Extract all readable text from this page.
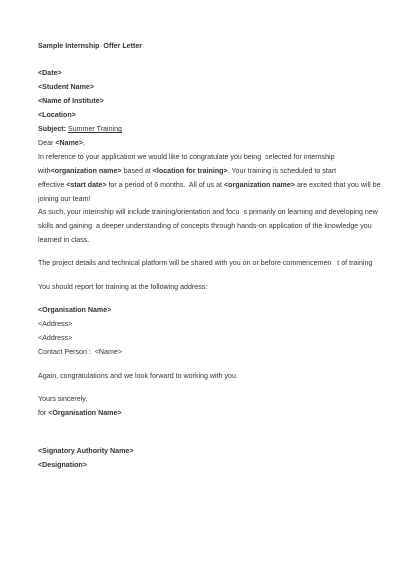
Sample Internship  Offer Letter
<Date>
<Student Name>
<Name of Institute>
<Location>
Subject: Summer Training
Dear <Name>,
In reference to your application we would like to congratulate you being  selected for internship
with<organization name> based at <location for training>. Your training is scheduled to start
effective <start date> for a period of 6 months.  All of us at <organization name> are excited that you will be
joining our team!
As such, your internship will include training/orientation and focu  s primarily on learning and developing new
skills and gaining  a deeper understanding of concepts through hands-on application of the knowledge you
learned in class.
The project details and technical platform will be shared with you on or before commencemen   t of training
You should report for training at the following address:
<Organisation Name>
<Address>
<Address>
Contact Person :  <Name>
Again, congratulations and we look forward to working with you.
Yours sincerely,
for <Organisation Name>
<Signatory Authority Name>
<Designation>
